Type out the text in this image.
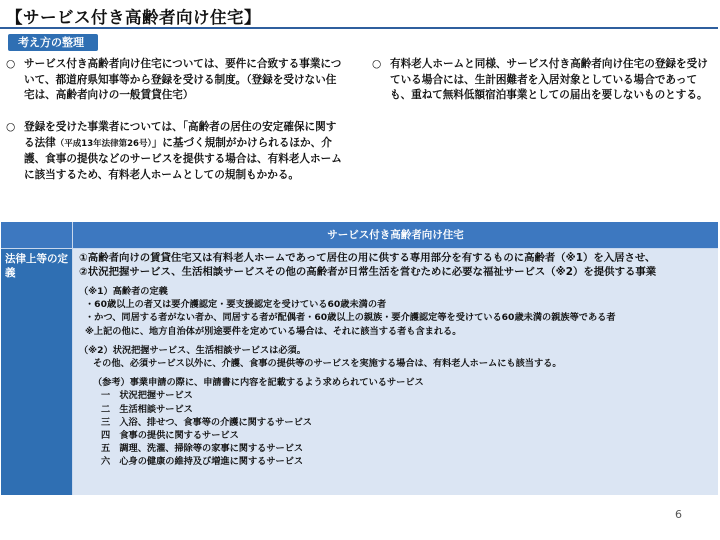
【サービス付き高齢者向け住宅】
考え方の整理
○ サービス付き高齢者向け住宅については、要件に合致する事業について、都道府県知事等から登録を受ける制度。（登録を受けない住宅は、高齢者向けの一般賃貸住宅）
○ 登録を受けた事業者については、「高齢者の居住の安定確保に関する法律（平成13年法律第26号）」に基づく規制がかけられるほか、介護、食事の提供などのサービスを提供する場合は、有料老人ホームに該当するため、有料老人ホームとしての規制もかかる。
○ 有料老人ホームと同様、サービス付き高齢者向け住宅の登録を受けている場合には、生計困難者を入居対象としている場合であっても、重ねて無料低額宿泊事業としての届出を要しないものとする。
サービス付き高齢者向け住宅
法律上等の定義
①高齢者向けの賃貸住宅又は有料老人ホームであって居住の用に供する専用部分を有するものに高齢者（※1）を入居させ、
②状況把握サービス、生活相談サービスその他の高齢者が日常生活を営むために必要な福祉サービス（※2）を提供する事業
（※1）高齢者の定義
・60歳以上の者又は要介護認定・要支援認定を受けている60歳未満の者
・かつ、同居する者がない者か、同居する者が配偶者・60歳以上の親族・要介護認定等を受けている60歳未満の親族等である者
※上記の他に、地方自治体が別途要件を定めている場合は、それに該当する者も含まれる。
（※2）状況把握サービス、生活相談サービスは必須。
その他、必須サービス以外に、介護、食事の提供等のサービスを実施する場合は、有料老人ホームにも該当する。
（参考）事業申請の際に、申請書に内容を記載するよう求められているサービス
一　状況把握サービス
二　生活相談サービス
三　入浴、排せつ、食事等の介護に関するサービス
四　食事の提供に関するサービス
五　調理、洗濯、掃除等の家事に関するサービス
六　心身の健康の維持及び増進に関するサービス
6
